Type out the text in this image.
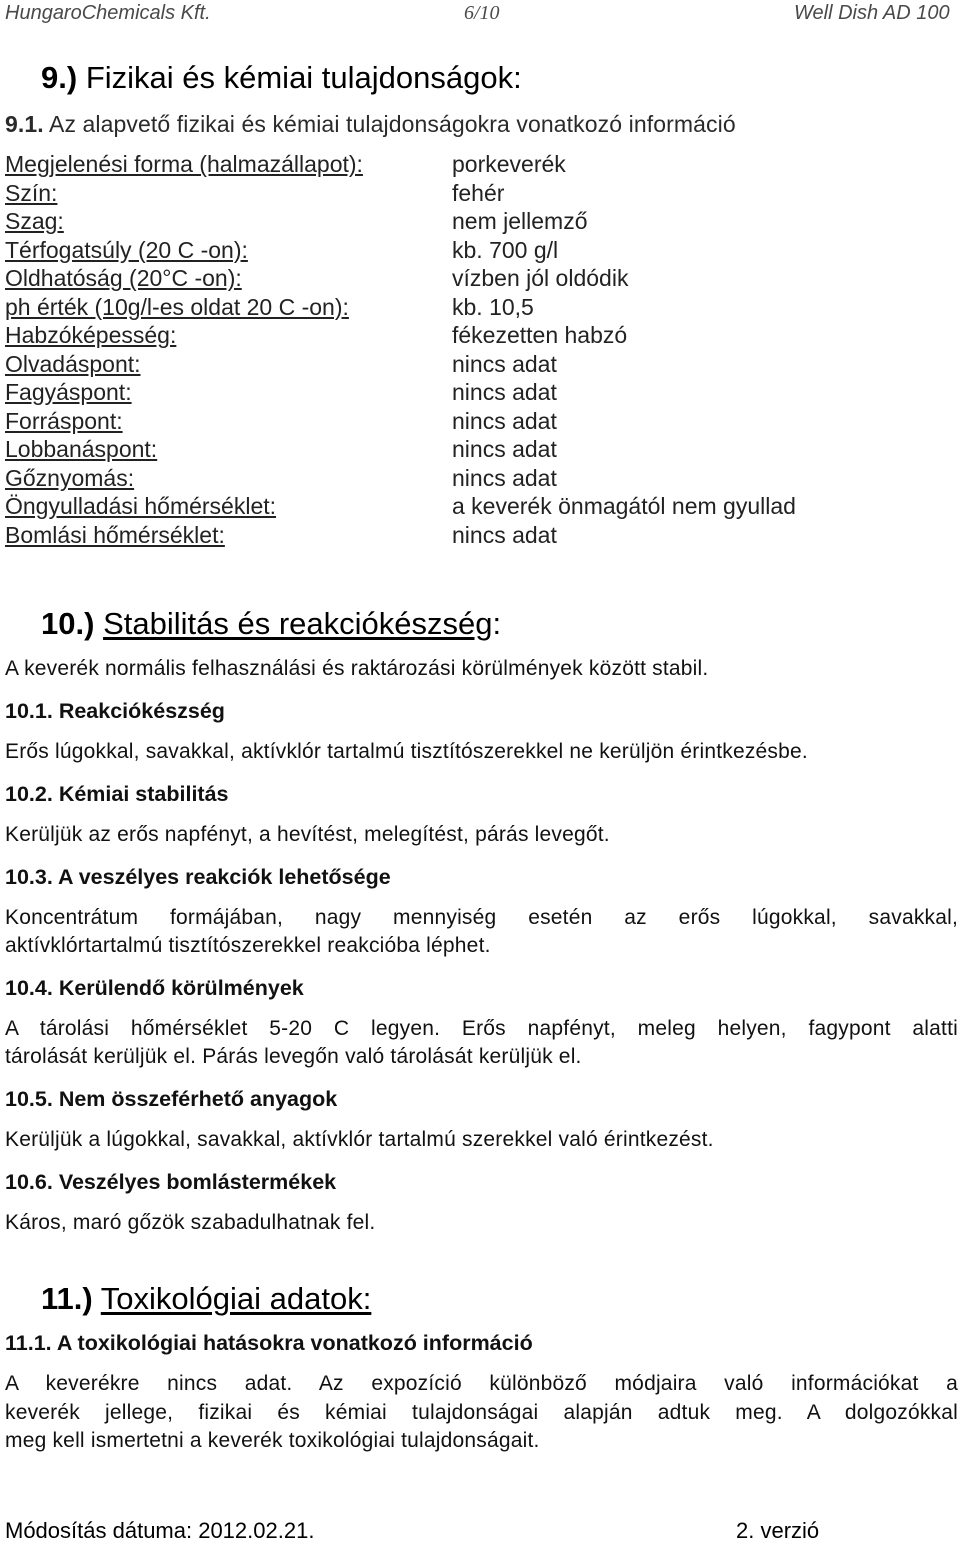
HungaroChemicals Kft.	6/10	Well Dish AD 100
9.) Fizikai és kémiai tulajdonságok:
9.1. Az alapvető fizikai és kémiai tulajdonságokra vonatkozó információ
Megjelenési forma (halmazállapot):	porkeverék
Szín:	fehér
Szag:	nem jellemző
Térfogatsúly (20 C -on):	kb. 700 g/l
Oldhatóság (20°C -on):	vízben jól oldódik
ph érték (10g/l-es oldat 20 C -on):	kb. 10,5
Habzóképesség:	fékezetten habzó
Olvadáspont:	nincs adat
Fagyáspont:	nincs adat
Forráspont:	nincs adat
Lobbanáspont:	nincs adat
Gőznyomás:	nincs adat
Öngyulladási hőmérséklet:	a keverék önmagától nem gyullad
Bomlási hőmérséklet:	nincs adat
10.) Stabilitás és reakciókészség:
A keverék normális felhasználási és raktározási körülmények között stabil.
10.1. Reakciókészség
Erős lúgokkal, savakkal, aktívklór tartalmú tisztítószerekkel ne kerüljön érintkezésbe.
10.2. Kémiai stabilitás
Kerüljük az erős napfényt, a hevítést, melegítést, párás levegőt.
10.3. A veszélyes reakciók lehetősége
Koncentrátum formájában, nagy mennyiség esetén az erős lúgokkal, savakkal,
aktívklórtartalmú tisztítószerekkel reakcióba léphet.
10.4. Kerülendő körülmények
A tárolási hőmérséklet 5-20 C legyen. Erős napfényt, meleg helyen, fagypont alatti
tárolását kerüljük el. Párás levegőn való tárolását kerüljük el.
10.5. Nem összeférhető anyagok
Kerüljük a lúgokkal, savakkal, aktívklór tartalmú szerekkel való érintkezést.
10.6. Veszélyes bomlástermékek
Káros, maró gőzök szabadulhatnak fel.
11.) Toxikológiai adatok:
11.1. A toxikológiai hatásokra vonatkozó információ
A keverékre nincs adat. Az expozíció különböző módjaira való információkat a
keverék jellege, fizikai és kémiai tulajdonságai alapján adtuk meg. A dolgozókkal
meg kell ismertetni a keverék toxikológiai tulajdonságait.
Módosítás dátuma: 2012.02.21.	2. verzió
